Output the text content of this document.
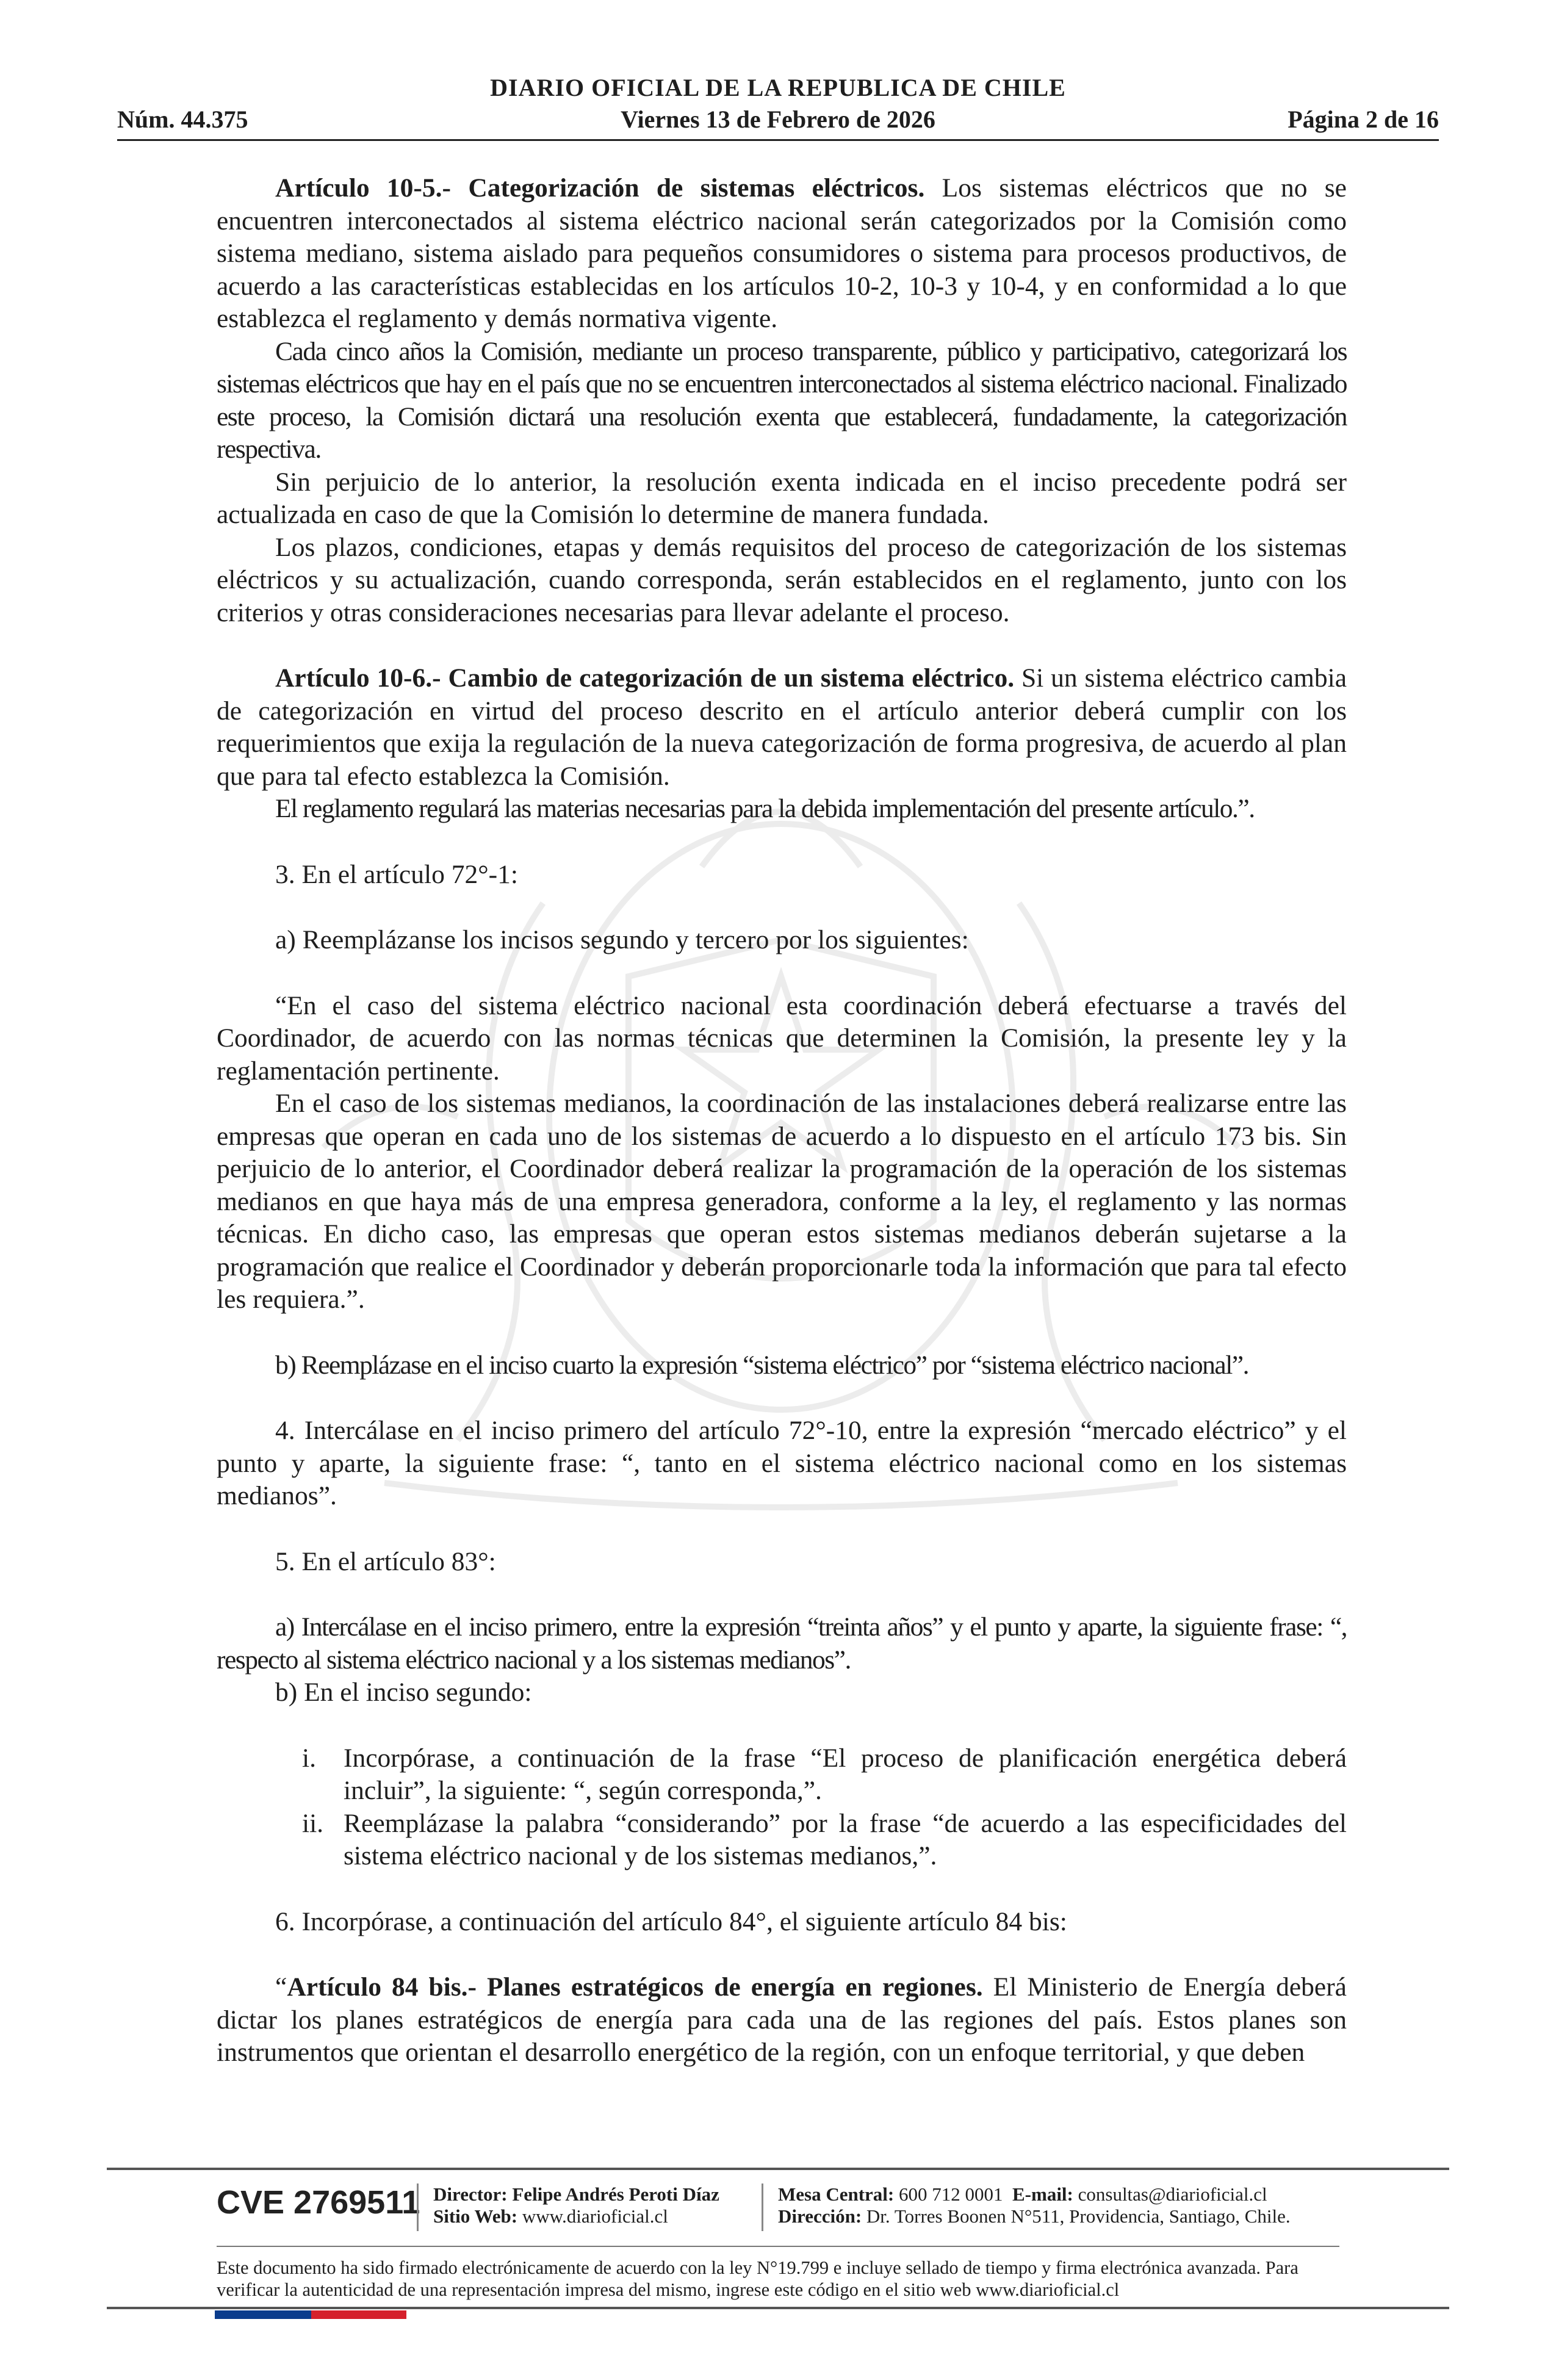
DIARIO OFICIAL DE LA REPUBLICA DE CHILE
Viernes 13 de Febrero de 2026
Núm. 44.375	Página 2 de 16

Artículo 10-5.- Categorización de sistemas eléctricos. Los sistemas eléctricos que no se encuentren interconectados al sistema eléctrico nacional serán categorizados por la Comisión como sistema mediano, sistema aislado para pequeños consumidores o sistema para procesos productivos, de acuerdo a las características establecidas en los artículos 10-2, 10-3 y 10-4, y en conformidad a lo que establezca el reglamento y demás normativa vigente.

Cada cinco años la Comisión, mediante un proceso transparente, público y participativo, categorizará los sistemas eléctricos que hay en el país que no se encuentren interconectados al sistema eléctrico nacional. Finalizado este proceso, la Comisión dictará una resolución exenta que establecerá, fundadamente, la categorización respectiva.

Sin perjuicio de lo anterior, la resolución exenta indicada en el inciso precedente podrá ser actualizada en caso de que la Comisión lo determine de manera fundada.

Los plazos, condiciones, etapas y demás requisitos del proceso de categorización de los sistemas eléctricos y su actualización, cuando corresponda, serán establecidos en el reglamento, junto con los criterios y otras consideraciones necesarias para llevar adelante el proceso.

Artículo 10-6.- Cambio de categorización de un sistema eléctrico. Si un sistema eléctrico cambia de categorización en virtud del proceso descrito en el artículo anterior deberá cumplir con los requerimientos que exija la regulación de la nueva categorización de forma progresiva, de acuerdo al plan que para tal efecto establezca la Comisión.

El reglamento regulará las materias necesarias para la debida implementación del presente artículo.”.

3. En el artículo 72°-1:

a) Reemplázanse los incisos segundo y tercero por los siguientes:

“En el caso del sistema eléctrico nacional esta coordinación deberá efectuarse a través del Coordinador, de acuerdo con las normas técnicas que determinen la Comisión, la presente ley y la reglamentación pertinente.

En el caso de los sistemas medianos, la coordinación de las instalaciones deberá realizarse entre las empresas que operan en cada uno de los sistemas de acuerdo a lo dispuesto en el artículo 173 bis. Sin perjuicio de lo anterior, el Coordinador deberá realizar la programación de la operación de los sistemas medianos en que haya más de una empresa generadora, conforme a la ley, el reglamento y las normas técnicas. En dicho caso, las empresas que operan estos sistemas medianos deberán sujetarse a la programación que realice el Coordinador y deberán proporcionarle toda la información que para tal efecto les requiera.”.

b) Reemplázase en el inciso cuarto la expresión “sistema eléctrico” por “sistema eléctrico nacional”.

4. Intercálase en el inciso primero del artículo 72°-10, entre la expresión “mercado eléctrico” y el punto y aparte, la siguiente frase: “, tanto en el sistema eléctrico nacional como en los sistemas medianos”.

5. En el artículo 83°:

a) Intercálase en el inciso primero, entre la expresión “treinta años” y el punto y aparte, la siguiente frase: “, respecto al sistema eléctrico nacional y a los sistemas medianos”.

b) En el inciso segundo:

i. Incorpórase, a continuación de la frase “El proceso de planificación energética deberá incluir”, la siguiente: “, según corresponda,”.
ii. Reemplázase la palabra “considerando” por la frase “de acuerdo a las especificidades del sistema eléctrico nacional y de los sistemas medianos,”.

6. Incorpórase, a continuación del artículo 84°, el siguiente artículo 84 bis:

“Artículo 84 bis.- Planes estratégicos de energía en regiones. El Ministerio de Energía deberá dictar los planes estratégicos de energía para cada una de las regiones del país. Estos planes son instrumentos que orientan el desarrollo energético de la región, con un enfoque territorial, y que deben

CVE 2769511 Director: Felipe Andrés Peroti Díaz
Sitio Web: www.diarioficial.cl
Mesa Central: 600 712 0001 E-mail: consultas@diarioficial.cl
Dirección: Dr. Torres Boonen N°511, Providencia, Santiago, Chile.
Este documento ha sido firmado electrónicamente de acuerdo con la ley N°19.799 e incluye sellado de tiempo y firma electrónica avanzada. Para verificar la autenticidad de una representación impresa del mismo, ingrese este código en el sitio web www.diarioficial.cl
